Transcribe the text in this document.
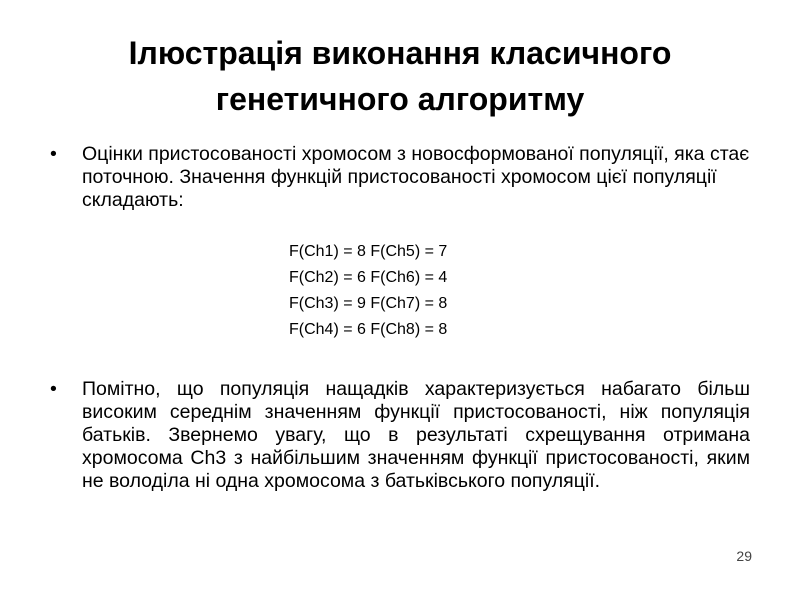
Ілюстрація виконання класичного генетичного алгоритму
•	Оцінки пристосованості хромосом з новосформованої популяції, яка стає поточною. Значення функцій пристосованості хромосом цієї популяції складають:
F(Ch1) = 8 F(Ch5) = 7
F(Ch2) = 6 F(Ch6) = 4
F(Ch3) = 9 F(Ch7) = 8
F(Ch4) = 6 F(Ch8) = 8
•	Помітно, що популяція нащадків характеризується набагато більш високим середнім значенням функції пристосованості, ніж популяція батьків. Звернемо увагу, що в результаті схрещування отримана хромосома Ch3 з найбільшим значенням функції пристосованості, яким не володіла ні одна хромосома з батьківського популяції.
29
